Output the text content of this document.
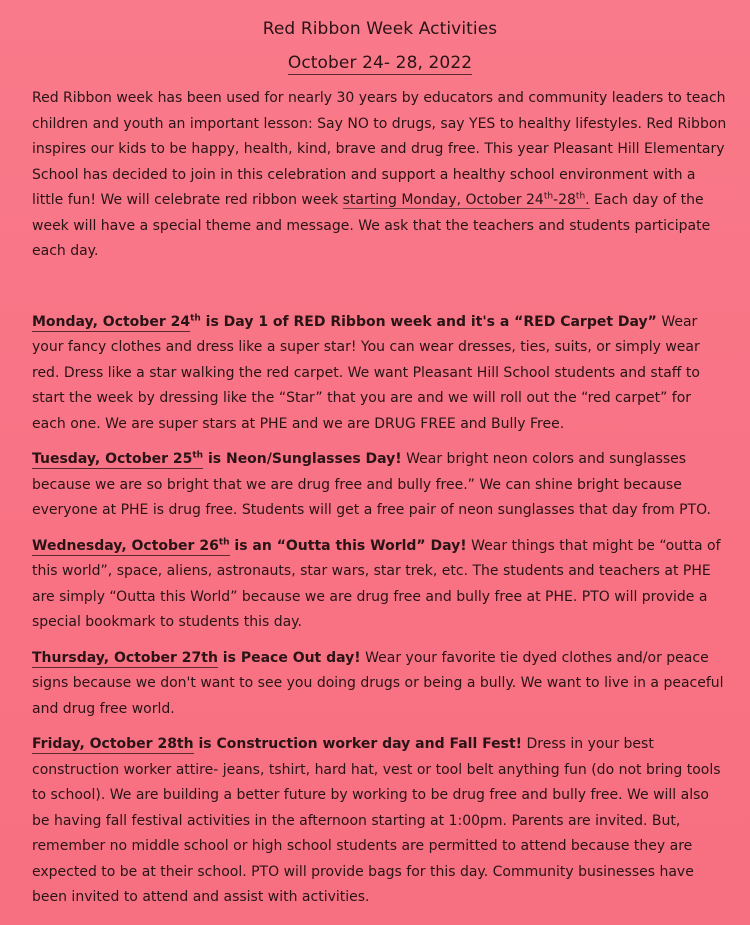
Red Ribbon Week Activities
October 24- 28, 2022

Red Ribbon week has been used for nearly 30 years by educators and community leaders to teach children and youth an important lesson: Say NO to drugs, say YES to healthy lifestyles. Red Ribbon inspires our kids to be happy, health, kind, brave and drug free. This year Pleasant Hill Elementary School has decided to join in this celebration and support a healthy school environment with a little fun! We will celebrate red ribbon week starting Monday, October 24th-28th. Each day of the week will have a special theme and message. We ask that the teachers and students participate each day.

Monday, October 24th is Day 1 of RED Ribbon week and it's a “RED Carpet Day” Wear your fancy clothes and dress like a super star! You can wear dresses, ties, suits, or simply wear red. Dress like a star walking the red carpet. We want Pleasant Hill School students and staff to start the week by dressing like the “Star” that you are and we will roll out the “red carpet” for each one. We are super stars at PHE and we are DRUG FREE and Bully Free.

Tuesday, October 25th is Neon/Sunglasses Day! Wear bright neon colors and sunglasses because we are so bright that we are drug free and bully free.” We can shine bright because everyone at PHE is drug free. Students will get a free pair of neon sunglasses that day from PTO.

Wednesday, October 26th is an “Outta this World” Day! Wear things that might be “outta of this world”, space, aliens, astronauts, star wars, star trek, etc. The students and teachers at PHE are simply “Outta this World” because we are drug free and bully free at PHE. PTO will provide a special bookmark to students this day.

Thursday, October 27th is Peace Out day! Wear your favorite tie dyed clothes and/or peace signs because we don't want to see you doing drugs or being a bully. We want to live in a peaceful and drug free world.

Friday, October 28th is Construction worker day and Fall Fest! Dress in your best construction worker attire- jeans, tshirt, hard hat, vest or tool belt anything fun (do not bring tools to school). We are building a better future by working to be drug free and bully free. We will also be having fall festival activities in the afternoon starting at 1:00pm. Parents are invited. But, remember no middle school or high school students are permitted to attend because they are expected to be at their school. PTO will provide bags for this day. Community businesses have been invited to attend and assist with activities.
